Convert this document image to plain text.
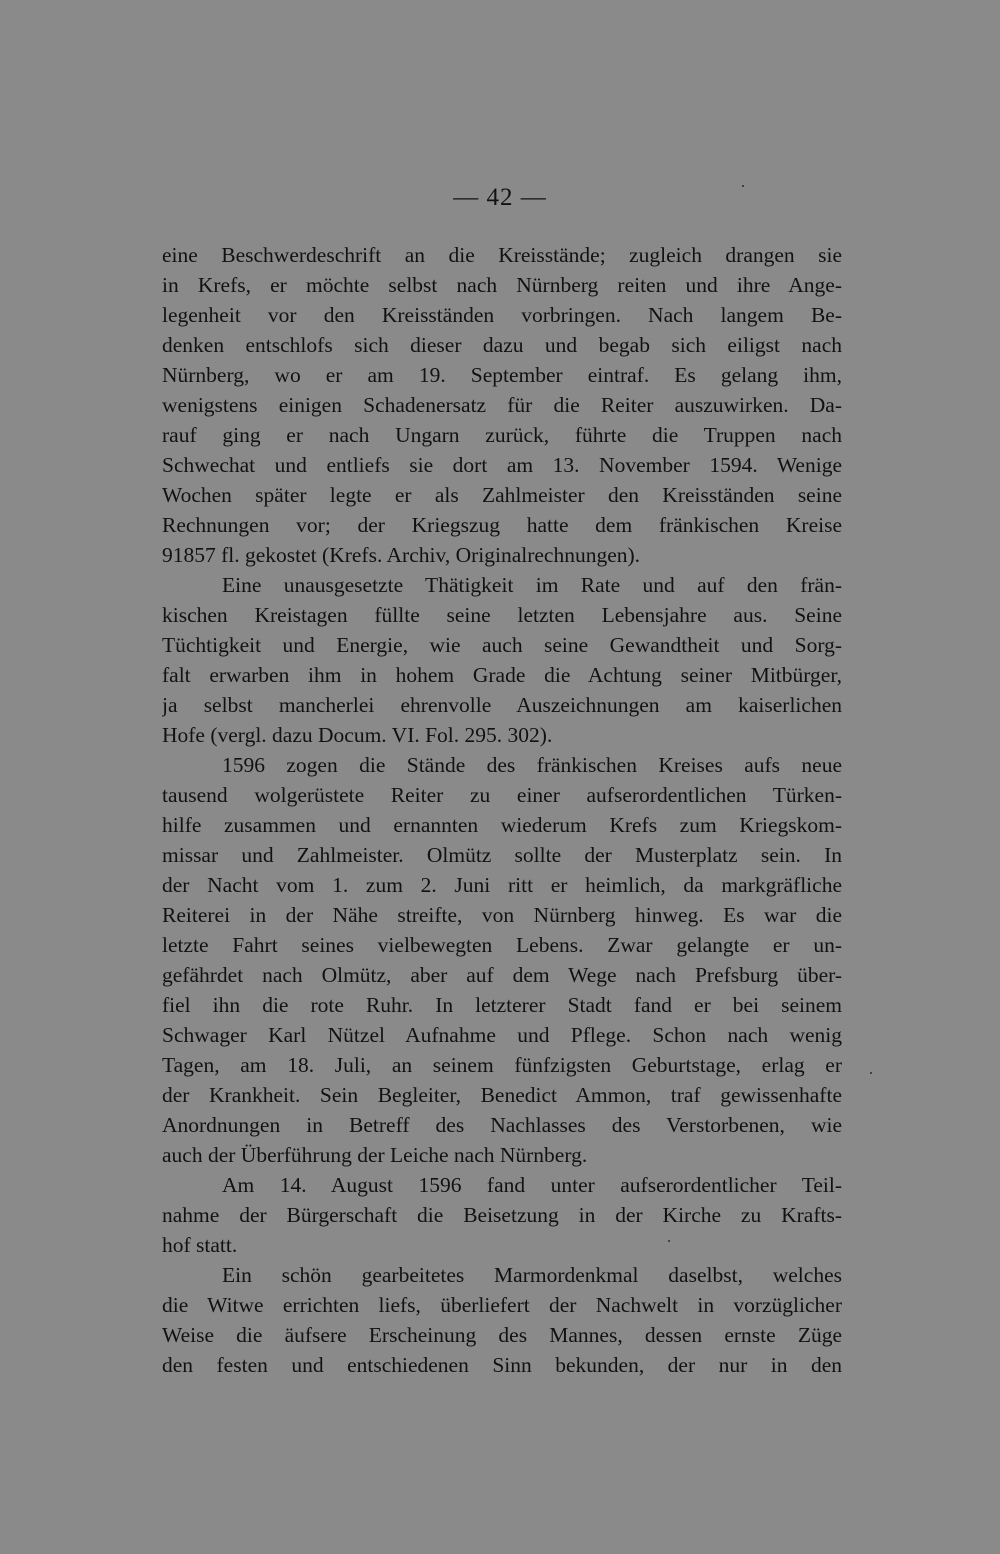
— 42 —
eine Beschwerdeschrift an die Kreisstände; zugleich drangen sie
in Krefs, er möchte selbst nach Nürnberg reiten und ihre Ange-
legenheit vor den Kreisständen vorbringen. Nach langem Be-
denken entschlofs sich dieser dazu und begab sich eiligst nach
Nürnberg, wo er am 19. September eintraf. Es gelang ihm,
wenigstens einigen Schadenersatz für die Reiter auszuwirken. Da-
rauf ging er nach Ungarn zurück, führte die Truppen nach
Schwechat und entliefs sie dort am 13. November 1594. Wenige
Wochen später legte er als Zahlmeister den Kreisständen seine
Rechnungen vor; der Kriegszug hatte dem fränkischen Kreise
91857 fl. gekostet (Krefs. Archiv, Originalrechnungen).
Eine unausgesetzte Thätigkeit im Rate und auf den frän-
kischen Kreistagen füllte seine letzten Lebensjahre aus. Seine
Tüchtigkeit und Energie, wie auch seine Gewandtheit und Sorg-
falt erwarben ihm in hohem Grade die Achtung seiner Mitbürger,
ja selbst mancherlei ehrenvolle Auszeichnungen am kaiserlichen
Hofe (vergl. dazu Docum. VI. Fol. 295. 302).
1596 zogen die Stände des fränkischen Kreises aufs neue
tausend wolgerüstete Reiter zu einer aufserordentlichen Türken-
hilfe zusammen und ernannten wiederum Krefs zum Kriegskom-
missar und Zahlmeister. Olmütz sollte der Musterplatz sein. In
der Nacht vom 1. zum 2. Juni ritt er heimlich, da markgräfliche
Reiterei in der Nähe streifte, von Nürnberg hinweg. Es war die
letzte Fahrt seines vielbewegten Lebens. Zwar gelangte er un-
gefährdet nach Olmütz, aber auf dem Wege nach Prefsburg über-
fiel ihn die rote Ruhr. In letzterer Stadt fand er bei seinem
Schwager Karl Nützel Aufnahme und Pflege. Schon nach wenig
Tagen, am 18. Juli, an seinem fünfzigsten Geburtstage, erlag er
der Krankheit. Sein Begleiter, Benedict Ammon, traf gewissenhafte
Anordnungen in Betreff des Nachlasses des Verstorbenen, wie
auch der Überführung der Leiche nach Nürnberg.
Am 14. August 1596 fand unter aufserordentlicher Teil-
nahme der Bürgerschaft die Beisetzung in der Kirche zu Krafts-
hof statt.
Ein schön gearbeitetes Marmordenkmal daselbst, welches
die Witwe errichten liefs, überliefert der Nachwelt in vorzüglicher
Weise die äufsere Erscheinung des Mannes, dessen ernste Züge
den festen und entschiedenen Sinn bekunden, der nur in den
